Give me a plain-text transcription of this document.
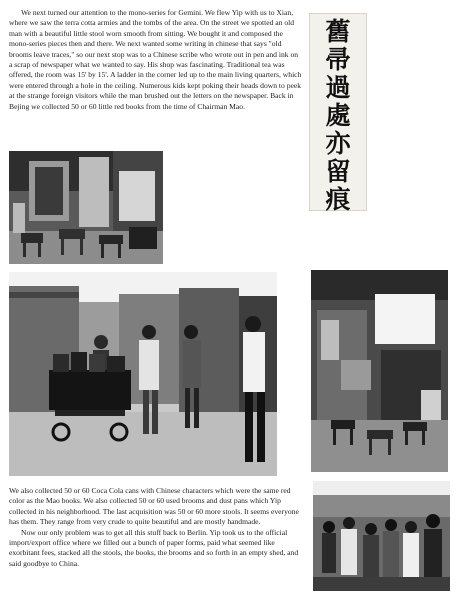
We next turned our attention to the mono-series for Gemini. We flew Yip with us to Xian, where we saw the terra cotta armies and the tombs of the area. On the street we spotted an old man with a beautiful little stool worn smooth from sitting. We bought it and composed the mono-series pieces then and there. We next wanted some writing in chinese that says "old brooms leave traces," so our next stop was to a Chinese scribe who wrote out in pen and ink on a scrap of newspaper what we wanted to say. His shop was fascinating. Traditional tea was offered, the room was 15' by 15'. A ladder in the corner led up to the main living quarters, which were entered through a hole in the ceiling. Numerous kids kept poking their heads down to peek at the strange foreign visitors while the man brushed out the letters on the newspaper. Back in Bejing we collected 50 or 60 little red books from the time of Chairman Mao.

舊
帚
過
處
亦
留
痕

We also collected 50 or 60 Coca Cola cans with Chinese characters which were the same red color as the Mao books. We also collected 50 or 60 used brooms and dust pans which Yip collected in his neighborhood. The last acquisition was 50 or 60 more stools. It seems everyone has them. They range from very crude to quite beautiful and are mostly handmade.

Now our only problem was to get all this stuff back to Berlin. Yip took us to the official import/export office where we filled out a bunch of paper forms, paid what seemed like exorbitant fees, stacked all the stools, the books, the brooms and so forth in an empty shed, and said goodbye to China.
